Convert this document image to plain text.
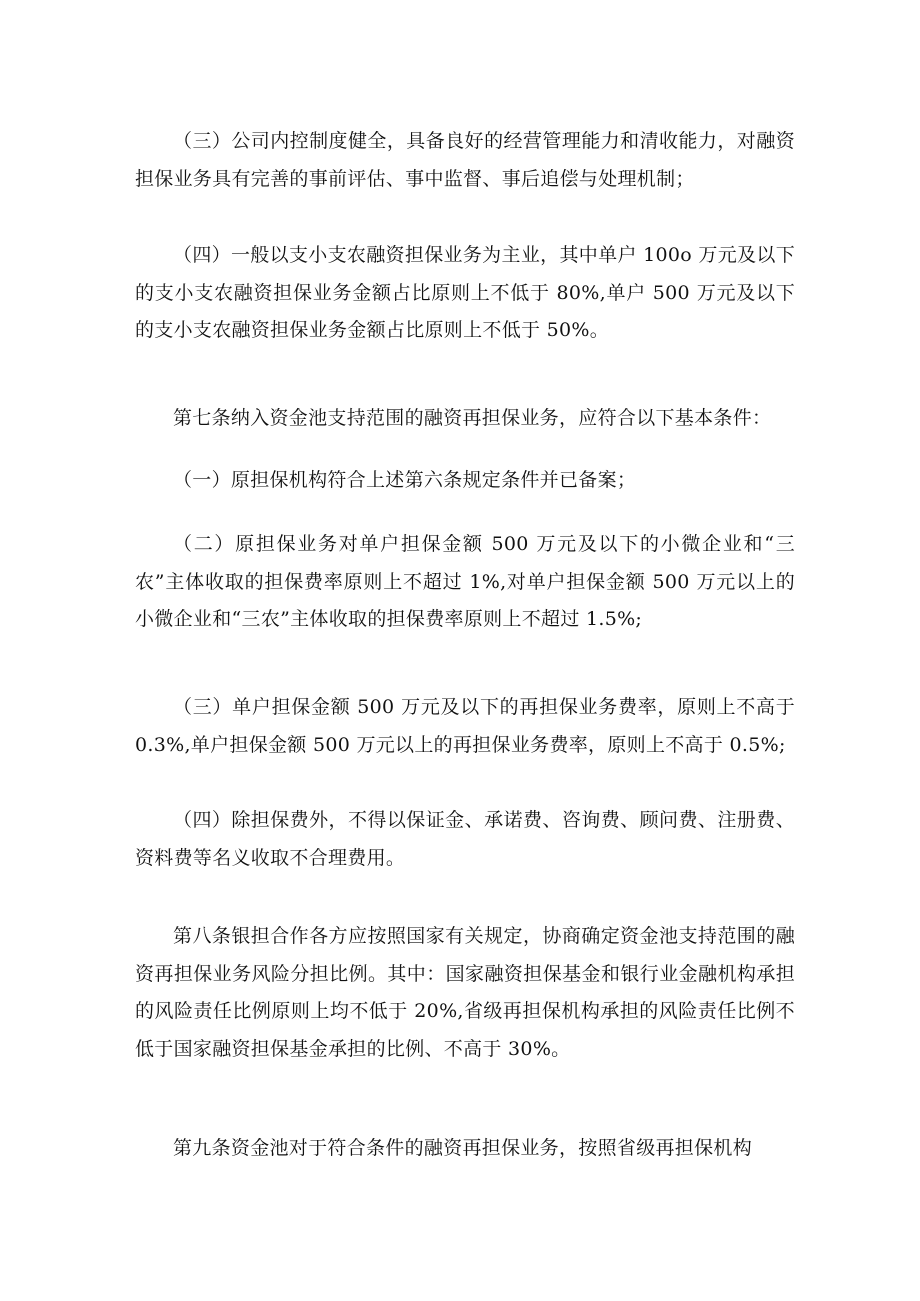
（三）公司内控制度健全，具备良好的经营管理能力和清收能力，对融资担保业务具有完善的事前评估、事中监督、事后追偿与处理机制；

（四）一般以支小支农融资担保业务为主业，其中单户 100o 万元及以下的支小支农融资担保业务金额占比原则上不低于 80%,单户 500 万元及以下的支小支农融资担保业务金额占比原则上不低于 50%。

第七条纳入资金池支持范围的融资再担保业务，应符合以下基本条件：

（一）原担保机构符合上述第六条规定条件并已备案；

（二）原担保业务对单户担保金额 500 万元及以下的小微企业和“三农”主体收取的担保费率原则上不超过 1%,对单户担保金额 500 万元以上的小微企业和“三农”主体收取的担保费率原则上不超过 1.5%;

（三）单户担保金额 500 万元及以下的再担保业务费率，原则上不高于 0.3%,单户担保金额 500 万元以上的再担保业务费率，原则上不高于 0.5%;

（四）除担保费外，不得以保证金、承诺费、咨询费、顾问费、注册费、资料费等名义收取不合理费用。

第八条银担合作各方应按照国家有关规定，协商确定资金池支持范围的融资再担保业务风险分担比例。其中：国家融资担保基金和银行业金融机构承担的风险责任比例原则上均不低于 20%,省级再担保机构承担的风险责任比例不低于国家融资担保基金承担的比例、不高于 30%。

第九条资金池对于符合条件的融资再担保业务，按照省级再担保机构
